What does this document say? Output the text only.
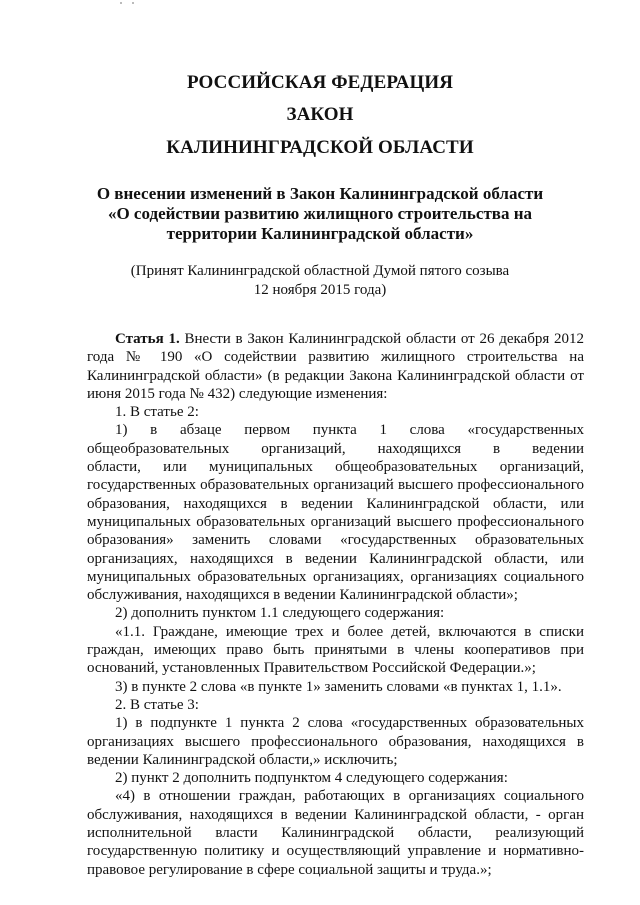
РОССИЙСКАЯ ФЕДЕРАЦИЯ
ЗАКОН
КАЛИНИНГРАДСКОЙ ОБЛАСТИ
О внесении изменений в Закон Калининградской области
«О содействии развитию жилищного строительства на
территории Калининградской области»
(Принят Калининградской областной Думой пятого созыва
12 ноября 2015 года)
Статья 1. Внести в Закон Калининградской области от 26 декабря 2012
года № 190 «О содействии развитию жилищного строительства на
Калининградской области» (в редакции Закона Калининградской области от
июня 2015 года № 432) следующие изменения:
1. В статье 2:
1) в абзаце первом пункта 1 слова «государственных
общеобразовательных организаций, находящихся в ведении
области, или муниципальных общеобразовательных организаций,
государственных образовательных организаций высшего профессионального
образования, находящихся в ведении Калининградской области, или
муниципальных образовательных организаций высшего профессионального
образования» заменить словами «государственных образовательных
организациях, находящихся в ведении Калининградской области, или
муниципальных образовательных организациях, организациях социального
обслуживания, находящихся в ведении Калининградской области»;
2) дополнить пунктом 1.1 следующего содержания:
«1.1. Граждане, имеющие трех и более детей, включаются в списки
граждан, имеющих право быть принятыми в члены кооперативов при
оснований, установленных Правительством Российской Федерации.»;
3) в пункте 2 слова «в пункте 1» заменить словами «в пунктах 1, 1.1».
2. В статье 3:
1) в подпункте 1 пункта 2 слова «государственных образовательных
организациях высшего профессионального образования, находящихся в
ведении Калининградской области,» исключить;
2) пункт 2 дополнить подпунктом 4 следующего содержания:
«4) в отношении граждан, работающих в организациях социального
обслуживания, находящихся в ведении Калининградской области, - орган
исполнительной власти Калининградской области, реализующий
государственную политику и осуществляющий управление и нормативно-
правовое регулирование в сфере социальной защиты и труда.»;
